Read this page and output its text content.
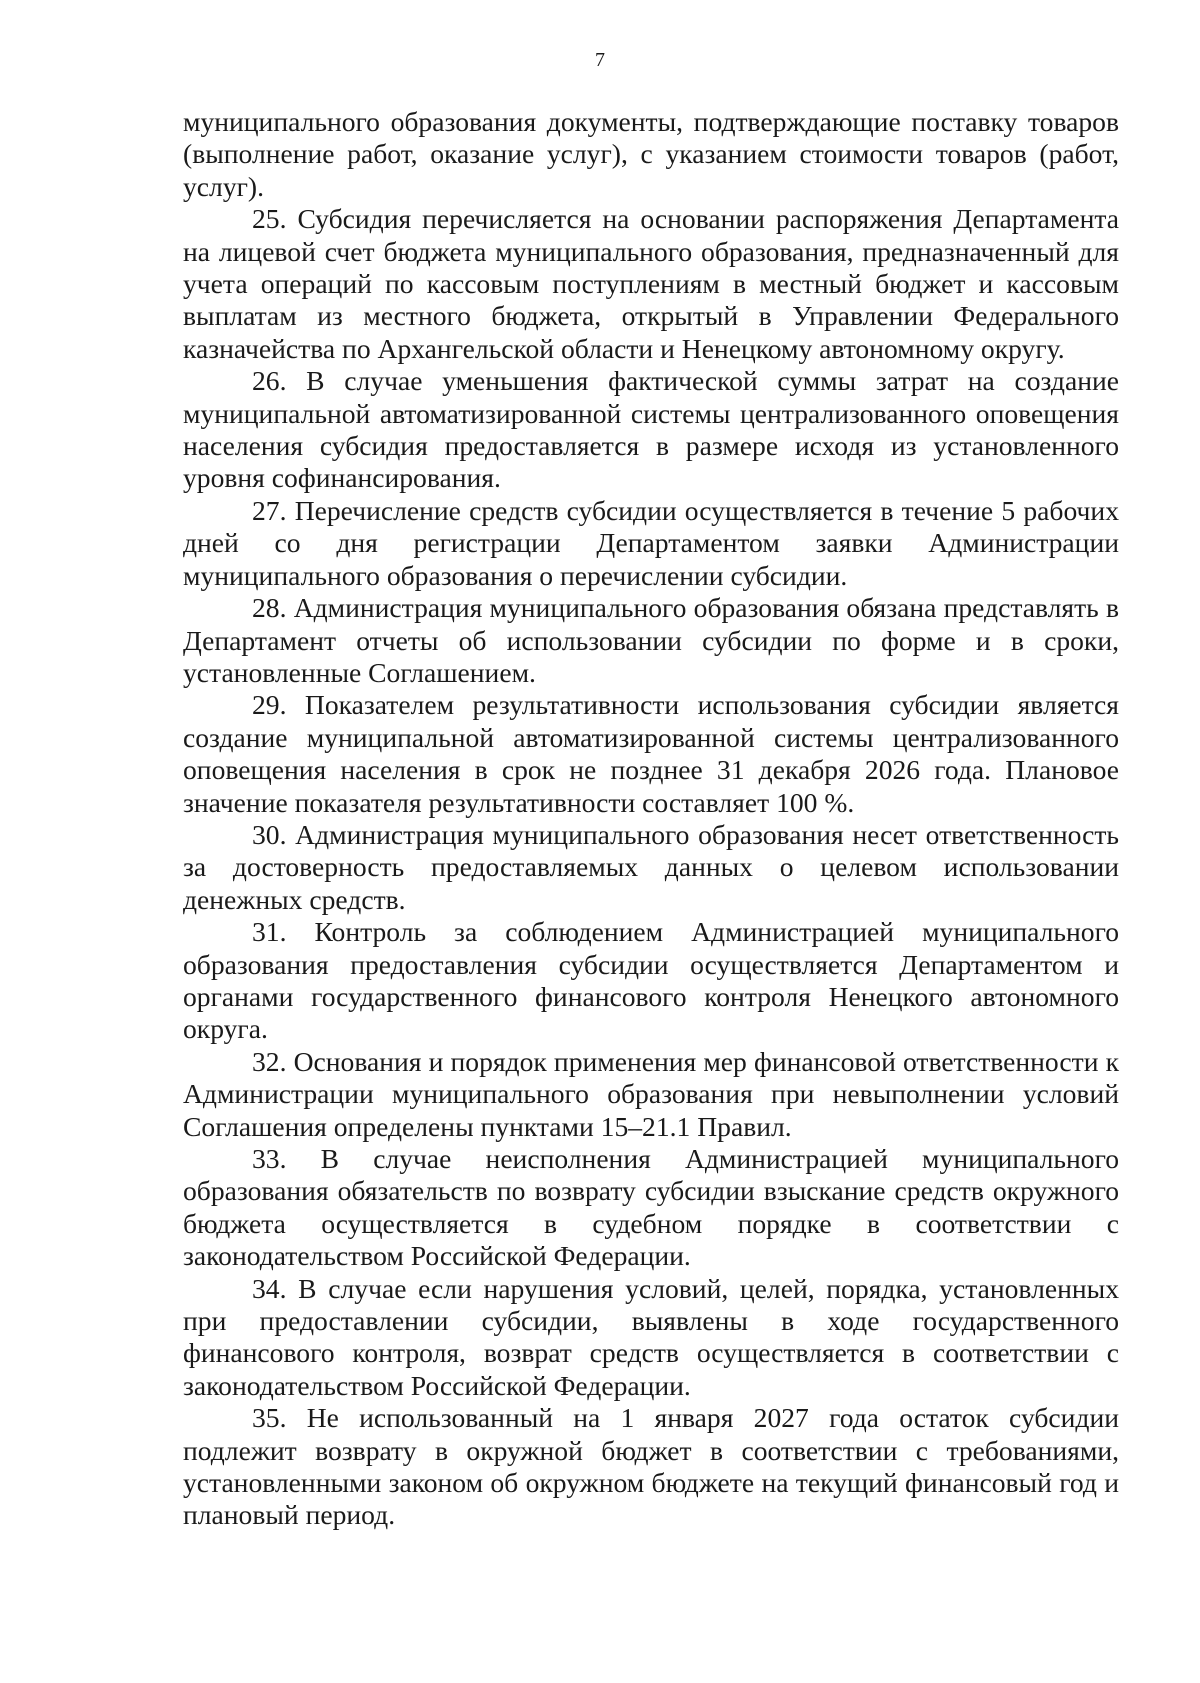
7

муниципального образования документы, подтверждающие поставку товаров (выполнение работ, оказание услуг), с указанием стоимости товаров (работ, услуг).

25. Субсидия перечисляется на основании распоряжения Департамента на лицевой счет бюджета муниципального образования, предназначенный для учета операций по кассовым поступлениям в местный бюджет и кассовым выплатам из местного бюджета, открытый в Управлении Федерального казначейства по Архангельской области и Ненецкому автономному округу.

26. В случае уменьшения фактической суммы затрат на создание муниципальной автоматизированной системы централизованного оповещения населения субсидия предоставляется в размере исходя из установленного уровня софинансирования.

27. Перечисление средств субсидии осуществляется в течение 5 рабочих дней со дня регистрации Департаментом заявки Администрации муниципального образования о перечислении субсидии.

28. Администрация муниципального образования обязана представлять в Департамент отчеты об использовании субсидии по форме и в сроки, установленные Соглашением.

29. Показателем результативности использования субсидии является создание муниципальной автоматизированной системы централизованного оповещения населения в срок не позднее 31 декабря 2026 года. Плановое значение показателя результативности составляет 100 %.

30. Администрация муниципального образования несет ответственность за достоверность предоставляемых данных о целевом использовании денежных средств.

31. Контроль за соблюдением Администрацией муниципального образования предоставления субсидии осуществляется Департаментом и органами государственного финансового контроля Ненецкого автономного округа.

32. Основания и порядок применения мер финансовой ответственности к Администрации муниципального образования при невыполнении условий Соглашения определены пунктами 15–21.1 Правил.

33. В случае неисполнения Администрацией муниципального образования обязательств по возврату субсидии взыскание средств окружного бюджета осуществляется в судебном порядке в соответствии с законодательством Российской Федерации.

34. В случае если нарушения условий, целей, порядка, установленных при предоставлении субсидии, выявлены в ходе государственного финансового контроля, возврат средств осуществляется в соответствии с законодательством Российской Федерации.

35. Не использованный на 1 января 2027 года остаток субсидии подлежит возврату в окружной бюджет в соответствии с требованиями, установленными законом об окружном бюджете на текущий финансовый год и плановый период.
